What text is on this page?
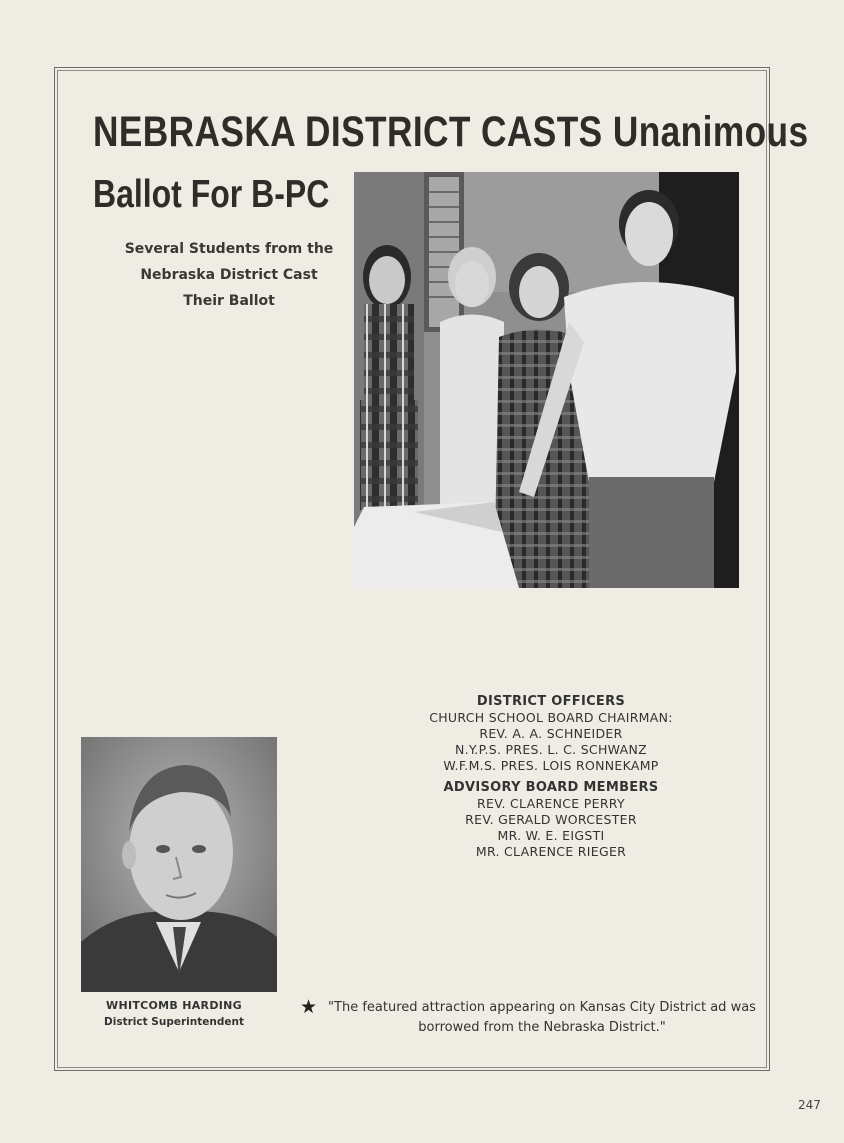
NEBRASKA DISTRICT CASTS Unanimous
Ballot For B-PC
Several Students from the
Nebraska District Cast
Their Ballot
DISTRICT OFFICERS
CHURCH SCHOOL BOARD CHAIRMAN:
REV. A. A. SCHNEIDER
N.Y.P.S. PRES. L. C. SCHWANZ
W.F.M.S. PRES. LOIS RONNEKAMP
ADVISORY BOARD MEMBERS
REV. CLARENCE PERRY
REV. GERALD WORCESTER
MR. W. E. EIGSTI
MR. CLARENCE RIEGER
WHITCOMB HARDING
District Superintendent
★ "The featured attraction appearing on Kansas City District ad was borrowed from the Nebraska District."
247
